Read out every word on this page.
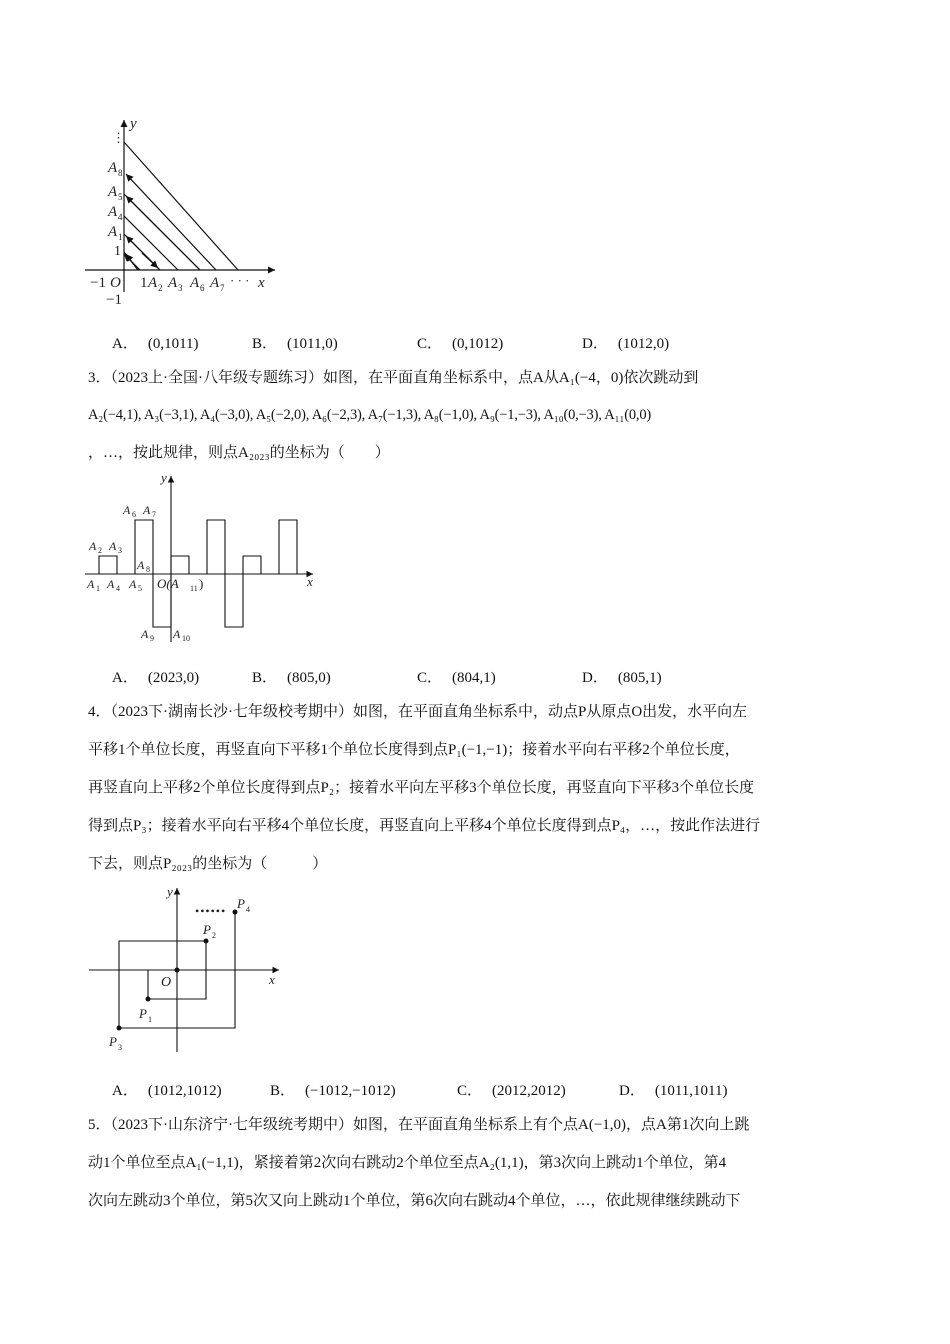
y
⋮
A 8
A 5
A 4
A 1
1
−1 O
−1
1 A 2 A 3 A 6 A 7 · · · x
A． (0,1011)	B． (1011,0)	C． (0,1012)	D． (1012,0)
3．（2023上·全国·八年级专题练习）如图，在平面直角坐标系中，点A从A₁(−4，0)依次跳动到
A₂(−4,1), A₃(−3,1), A₄(−3,0), A₅(−2,0), A₆(−2,3), A₇(−1,3), A₈(−1,0), A₉(−1,−3), A₁₀(0,−3), A₁₁(0,0)
，…，按此规律，则点A₂₀₂₃的坐标为（　　）
y
x
A 6 A 7
A 2 A 3
A 8
A 1 A 4 A 5 O(A 11 )
A 9 A 10
A． (2023,0)	B． (805,0)	C． (804,1)	D． (805,1)
4．（2023下·湖南长沙·七年级校考期中）如图，在平面直角坐标系中，动点P从原点O出发，水平向左
平移1个单位长度，再竖直向下平移1个单位长度得到点P₁(−1,−1)；接着水平向右平移2个单位长度，
再竖直向上平移2个单位长度得到点P₂；接着水平向左平移3个单位长度，再竖直向下平移3个单位长度
得到点P₃；接着水平向右平移4个单位长度，再竖直向上平移4个单位长度得到点P₄，…，按此作法进行
下去，则点P₂₀₂₃的坐标为（　　　）
y
x
O
••••••
P 1
P 2
P 3
P 4
A． (1012,1012)	B． (−1012,−1012)	C． (2012,2012)	D． (1011,1011)
5．（2023下·山东济宁·七年级统考期中）如图，在平面直角坐标系上有个点A(−1,0)，点A第1次向上跳
动1个单位至点A₁(−1,1)，紧接着第2次向右跳动2个单位至点A₂(1,1)，第3次向上跳动1个单位，第4
次向左跳动3个单位，第5次又向上跳动1个单位，第6次向右跳动4个单位，…，依此规律继续跳动下
